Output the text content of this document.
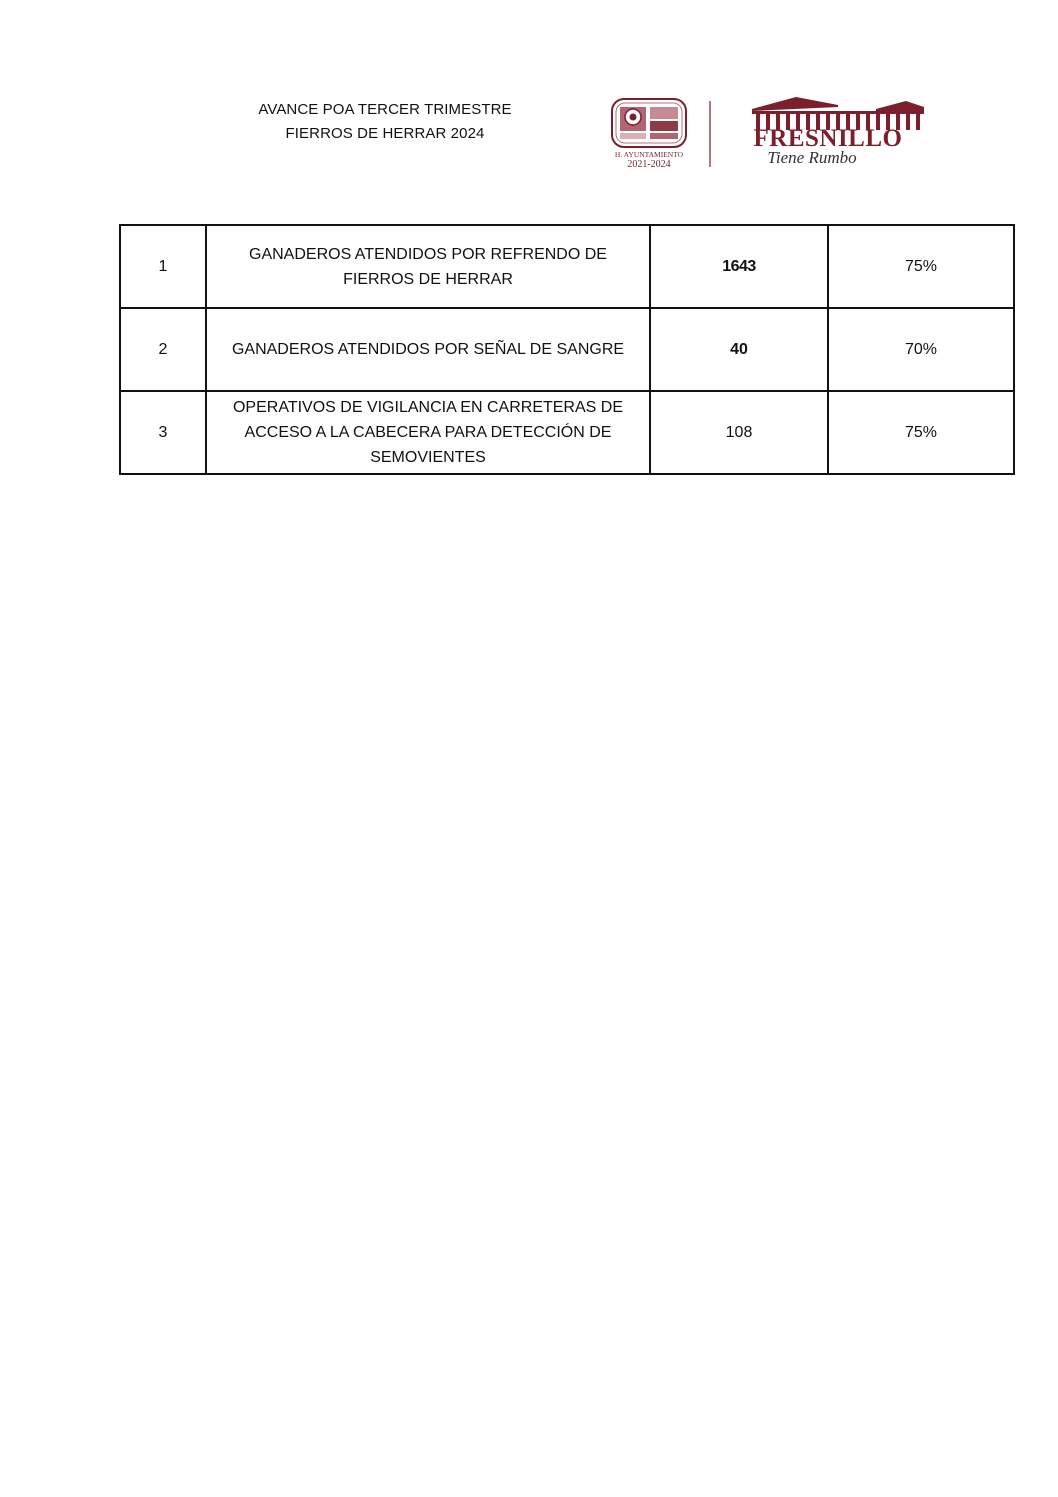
AVANCE POA TERCER TRIMESTRE
FIERROS DE HERRAR 2024
H. AYUNTAMIENTO
2021-2024
FRESNILLO
Tiene Rumbo
1	GANADEROS ATENDIDOS POR REFRENDO DE FIERROS DE HERRAR	1643	75%
2	GANADEROS ATENDIDOS POR SEÑAL DE SANGRE	40	70%
3	OPERATIVOS DE VIGILANCIA EN CARRETERAS DE ACCESO A LA CABECERA PARA DETECCIÓN DE SEMOVIENTES	108	75%
